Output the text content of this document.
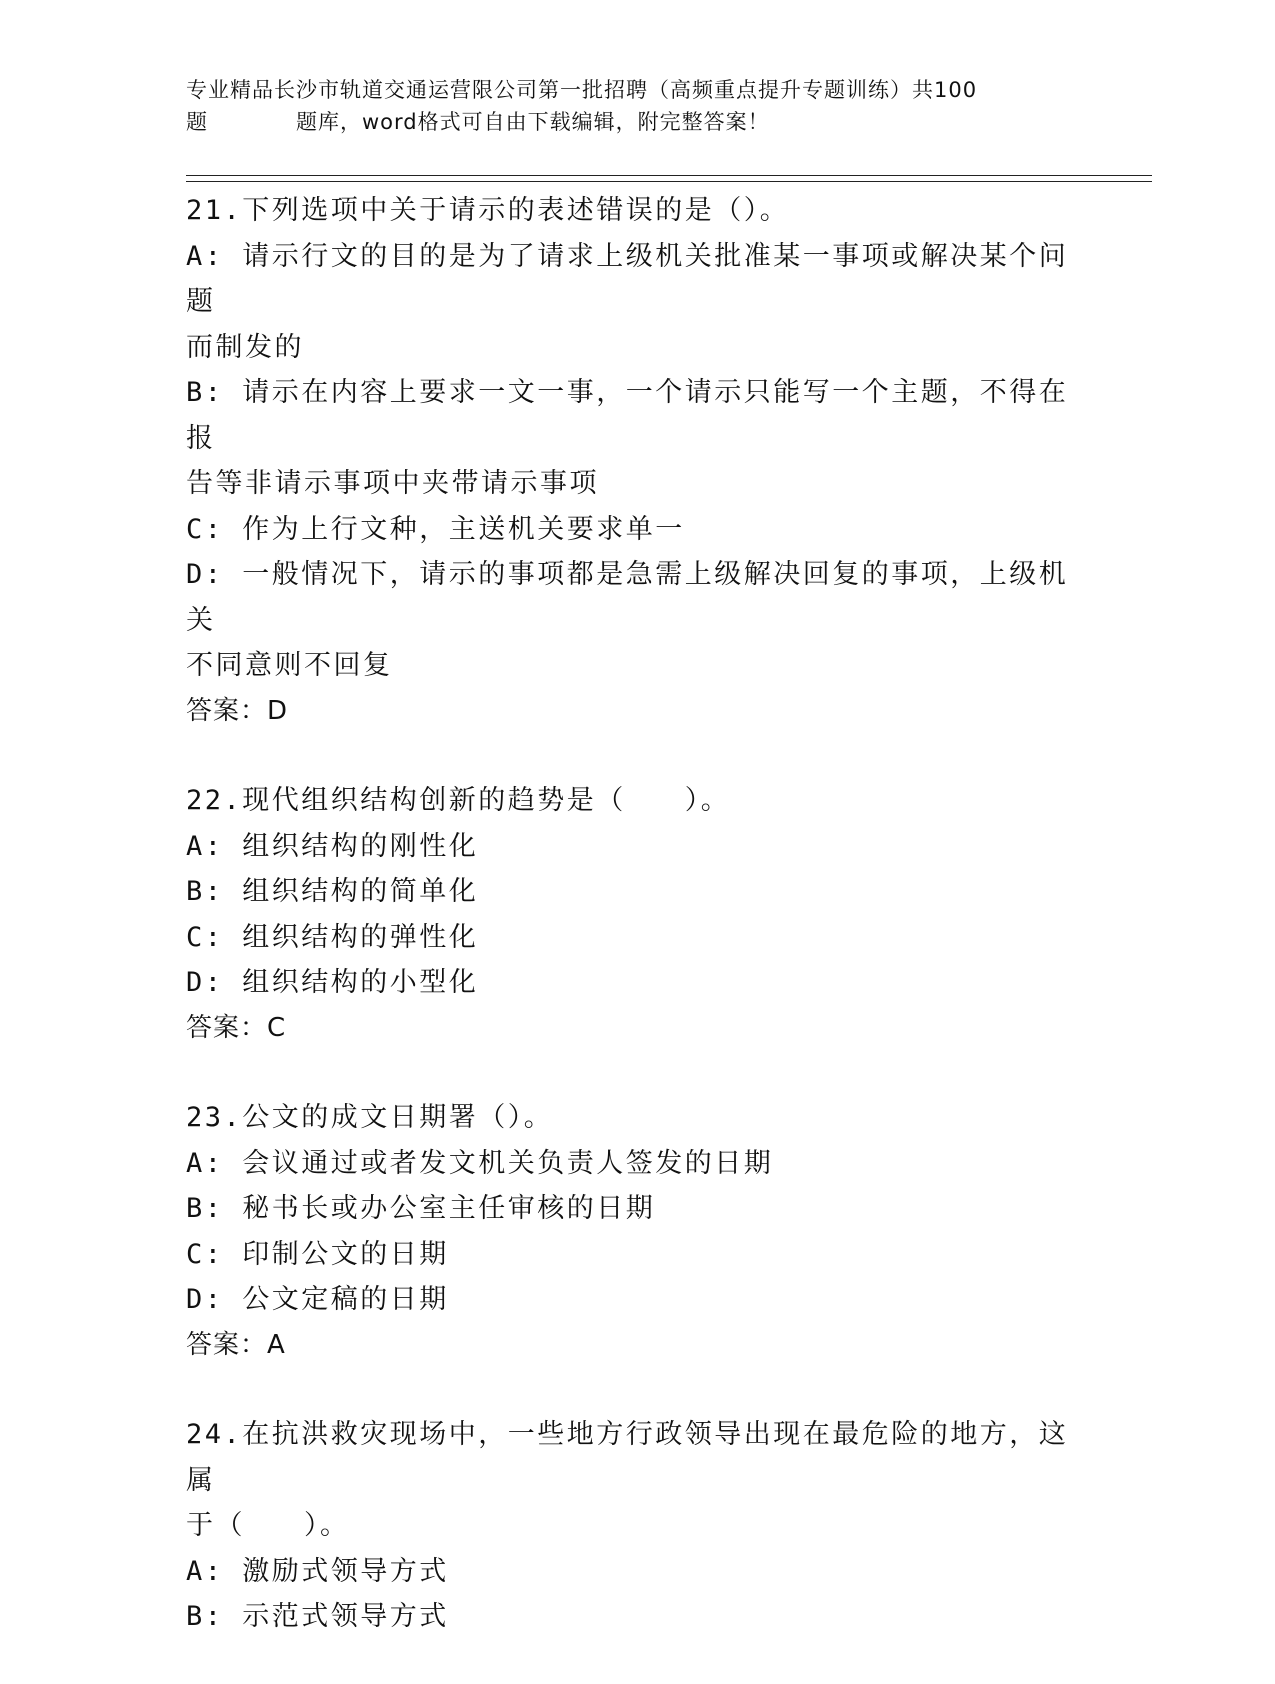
专业精品长沙市轨道交通运营限公司第一批招聘（高频重点提升专题训练）共100
题　　　　题库，word格式可自由下载编辑，附完整答案！
21.下列选项中关于请示的表述错误的是（）。
A: 请示行文的目的是为了请求上级机关批准某一事项或解决某个问题
而制发的
B: 请示在内容上要求一文一事，一个请示只能写一个主题，不得在报
告等非请示事项中夹带请示事项
C: 作为上行文种，主送机关要求单一
D: 一般情况下，请示的事项都是急需上级解决回复的事项，上级机关
不同意则不回复
答案：D
22.现代组织结构创新的趋势是（　　）。
A: 组织结构的刚性化
B: 组织结构的简单化
C: 组织结构的弹性化
D: 组织结构的小型化
答案：C
23.公文的成文日期署（）。
A: 会议通过或者发文机关负责人签发的日期
B: 秘书长或办公室主任审核的日期
C: 印制公文的日期
D: 公文定稿的日期
答案：A
24.在抗洪救灾现场中，一些地方行政领导出现在最危险的地方，这属
于（　　）。
A: 激励式领导方式
B: 示范式领导方式
